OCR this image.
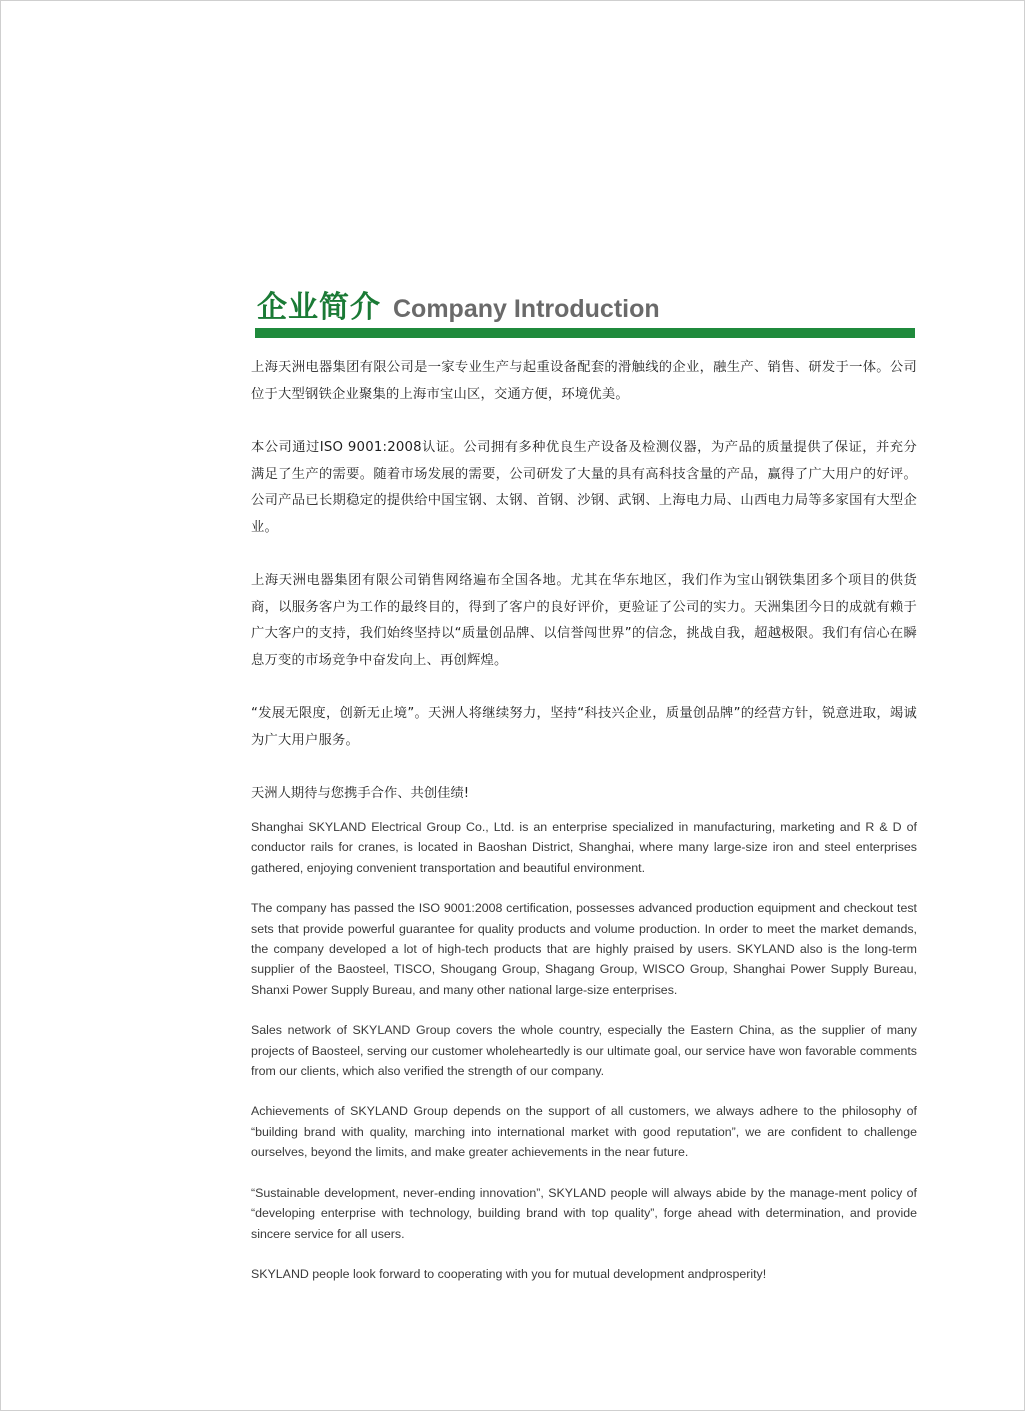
企业简介 Company Introduction

上海天洲电器集团有限公司是一家专业生产与起重设备配套的滑触线的企业，融生产、销售、研发于一体。公司位于大型钢铁企业聚集的上海市宝山区，交通方便，环境优美。

本公司通过ISO 9001:2008认证。公司拥有多种优良生产设备及检测仪器，为产品的质量提供了保证，并充分满足了生产的需要。随着市场发展的需要，公司研发了大量的具有高科技含量的产品，赢得了广大用户的好评。公司产品已长期稳定的提供给中国宝钢、太钢、首钢、沙钢、武钢、上海电力局、山西电力局等多家国有大型企业。

上海天洲电器集团有限公司销售网络遍布全国各地。尤其在华东地区，我们作为宝山钢铁集团多个项目的供货商，以服务客户为工作的最终目的，得到了客户的良好评价，更验证了公司的实力。天洲集团今日的成就有赖于广大客户的支持，我们始终坚持以“质量创品牌、以信誉闯世界”的信念，挑战自我，超越极限。我们有信心在瞬息万变的市场竞争中奋发向上、再创辉煌。

“发展无限度，创新无止境”。天洲人将继续努力，坚持“科技兴企业，质量创品牌”的经营方针，锐意进取，竭诚为广大用户服务。

天洲人期待与您携手合作、共创佳绩!

Shanghai SKYLAND Electrical Group Co., Ltd. is an enterprise specialized in manufacturing, marketing and R & D of conductor rails for cranes, is located in Baoshan District, Shanghai, where many large-size iron and steel enterprises gathered, enjoying convenient transportation and beautiful environment.

The company has passed the ISO 9001:2008 certification, possesses advanced production equipment and checkout test sets that provide powerful guarantee for quality products and volume production. In order to meet the market demands, the company developed a lot of high-tech products that are highly praised by users. SKYLAND also is the long-term supplier of the Baosteel, TISCO, Shougang Group, Shagang Group, WISCO Group, Shanghai Power Supply Bureau, Shanxi Power Supply Bureau, and many other national large-size enterprises.

Sales network of SKYLAND Group covers the whole country, especially the Eastern China, as the supplier of many projects of Baosteel, serving our customer wholeheartedly is our ultimate goal, our service have won favorable comments from our clients, which also verified the strength of our company.

Achievements of SKYLAND Group depends on the support of all customers, we always adhere to the philosophy of “building brand with quality, marching into international market with good reputation”, we are confident to challenge ourselves, beyond the limits, and make greater achievements in the near future.

“Sustainable development, never-ending innovation”, SKYLAND people will always abide by the manage-ment policy of “developing enterprise with technology, building brand with top quality”, forge ahead with determination, and provide sincere service for all users.

SKYLAND people look forward to cooperating with you for mutual development andprosperity!
